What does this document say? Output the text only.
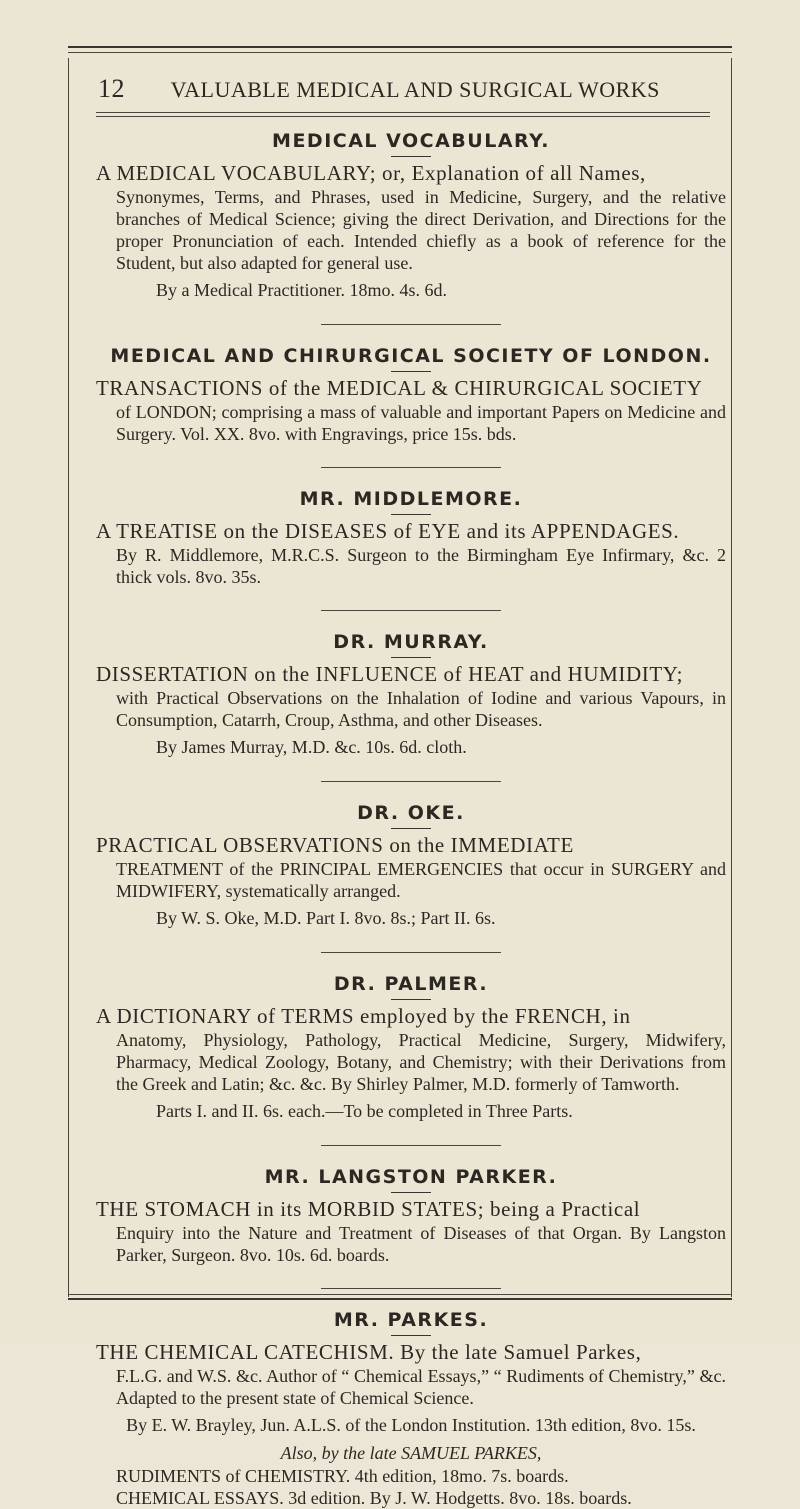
12 VALUABLE MEDICAL AND SURGICAL WORKS
MEDICAL VOCABULARY.

A MEDICAL VOCABULARY; or, Explanation of all Names,

Synonymes, Terms, and Phrases, used in Medicine, Surgery, and the relative branches of Medical Science; giving the direct Derivation, and Directions for the proper Pronunciation of each. Intended chiefly as a book of reference for the Student, but also adapted for general use.

By a Medical Practitioner. 18mo. 4s. 6d.

MEDICAL AND CHIRURGICAL SOCIETY OF LONDON.

TRANSACTIONS of the MEDICAL & CHIRURGICAL SOCIETY

of LONDON; comprising a mass of valuable and important Papers on Medicine and Surgery. Vol. XX. 8vo. with Engravings, price 15s. bds.

MR. MIDDLEMORE.

A TREATISE on the DISEASES of EYE and its APPENDAGES.

By R. Middlemore, M.R.C.S. Surgeon to the Birmingham Eye Infirmary, &c. 2 thick vols. 8vo. 35s.

DR. MURRAY.

DISSERTATION on the INFLUENCE of HEAT and HUMIDITY;

with Practical Observations on the Inhalation of Iodine and various Vapours, in Consumption, Catarrh, Croup, Asthma, and other Diseases.

By James Murray, M.D. &c. 10s. 6d. cloth.

DR. OKE.

PRACTICAL OBSERVATIONS on the IMMEDIATE

TREATMENT of the PRINCIPAL EMERGENCIES that occur in SURGERY and MIDWIFERY, systematically arranged.

By W. S. Oke, M.D. Part I. 8vo. 8s.; Part II. 6s.

DR. PALMER.

A DICTIONARY of TERMS employed by the FRENCH, in

Anatomy, Physiology, Pathology, Practical Medicine, Surgery, Midwifery, Pharmacy, Medical Zoology, Botany, and Chemistry; with their Derivations from the Greek and Latin; &c. &c. By Shirley Palmer, M.D. formerly of Tamworth.

Parts I. and II. 6s. each.—To be completed in Three Parts.

MR. LANGSTON PARKER.

THE STOMACH in its MORBID STATES; being a Practical

Enquiry into the Nature and Treatment of Diseases of that Organ. By Langston Parker, Surgeon. 8vo. 10s. 6d. boards.

MR. PARKES.

THE CHEMICAL CATECHISM. By the late Samuel Parkes,

F.L.G. and W.S. &c. Author of “ Chemical Essays,” “ Rudiments of Chemistry,” &c. Adapted to the present state of Chemical Science.

By E. W. Brayley, Jun. A.L.S. of the London Institution. 13th edition, 8vo. 15s.

Also, by the late SAMUEL PARKES,

RUDIMENTS of CHEMISTRY. 4th edition, 18mo. 7s. boards.

CHEMICAL ESSAYS. 3d edition. By J. W. Hodgetts. 8vo. 18s. boards.
